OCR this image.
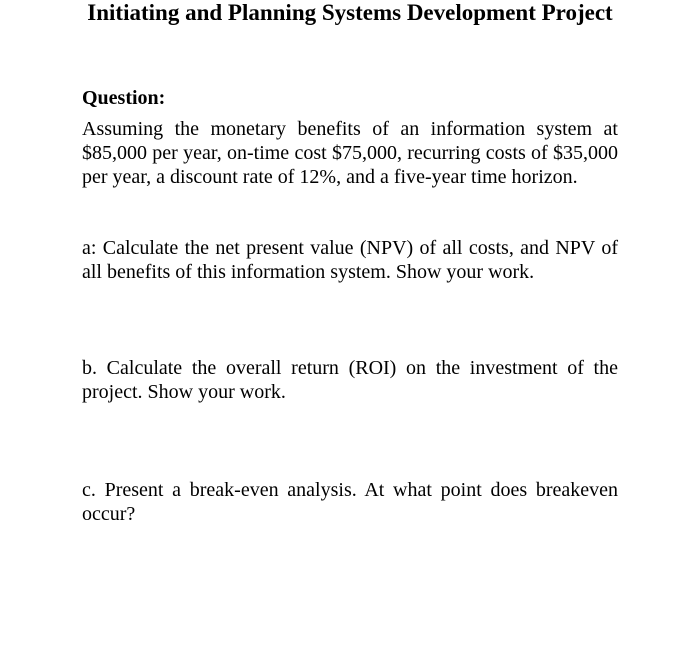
Initiating and Planning Systems Development Project
Question:

Assuming the monetary benefits of an information system at $85,000 per year, on-time cost $75,000, recurring costs of $35,000 per year, a discount rate of 12%, and a five-year time horizon.

a: Calculate the net present value (NPV) of all costs, and NPV of all benefits of this information system. Show your work.

b. Calculate the overall return (ROI) on the investment of the project. Show your work.

c. Present a break-even analysis. At what point does breakeven occur?
